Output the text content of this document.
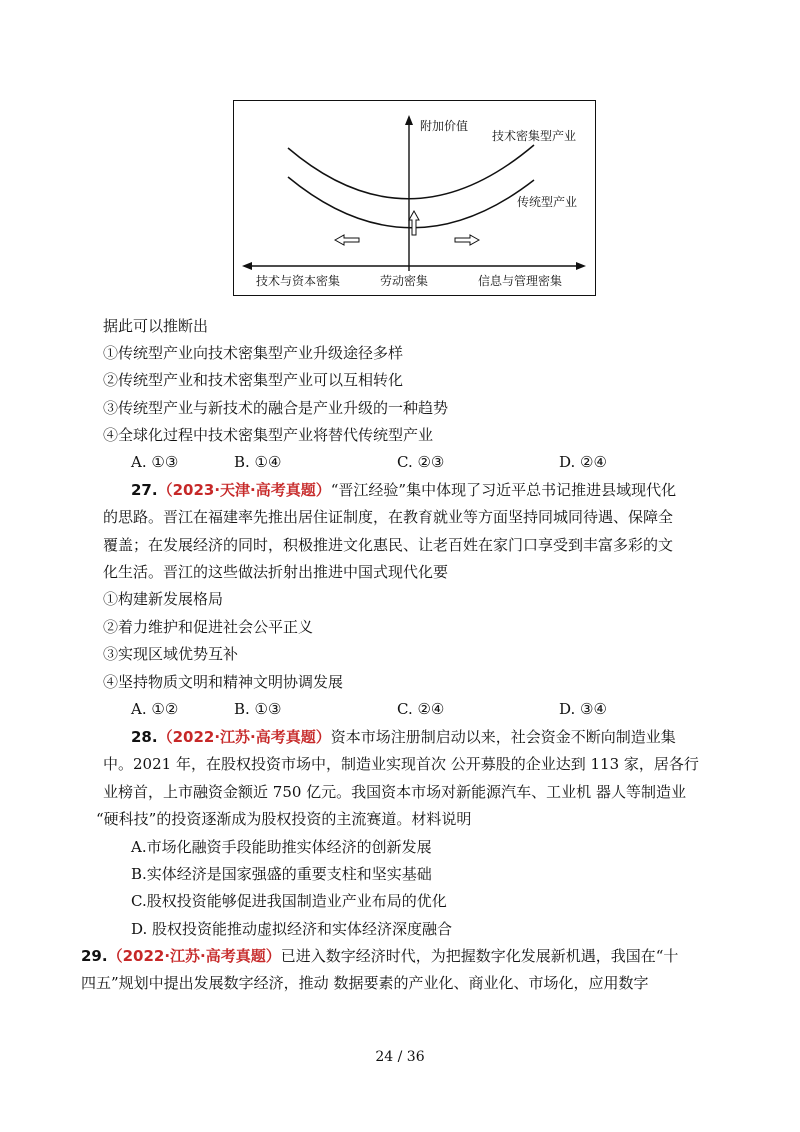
附加价值
技术密集型产业
传统型产业
技术与资本密集	劳动密集	信息与管理密集
据此可以推断出
①传统型产业向技术密集型产业升级途径多样
②传统型产业和技术密集型产业可以互相转化
③传统型产业与新技术的融合是产业升级的一种趋势
④全球化过程中技术密集型产业将替代传统型产业
A. ①③	B. ①④	C. ②③	D. ②④
27.（2023·天津·高考真题）“晋江经验”集中体现了习近平总书记推进县域现代化
的思路。晋江在福建率先推出居住证制度，在教育就业等方面坚持同城同待遇、保障全
覆盖；在发展经济的同时，积极推进文化惠民、让老百姓在家门口享受到丰富多彩的文
化生活。晋江的这些做法折射出推进中国式现代化要
①构建新发展格局
②着力维护和促进社会公平正义
③实现区域优势互补
④坚持物质文明和精神文明协调发展
A. ①②	B. ①③	C. ②④	D. ③④
28.（2022·江苏·高考真题）资本市场注册制启动以来，社会资金不断向制造业集
中。2021 年，在股权投资市场中，制造业实现首次 公开募股的企业达到 113 家，居各行
业榜首，上市融资金额近 750 亿元。我国资本市场对新能源汽车、工业机 器人等制造业
“硬科技”的投资逐渐成为股权投资的主流赛道。材料说明
A.市场化融资手段能助推实体经济的创新发展
B.实体经济是国家强盛的重要支柱和坚实基础
C.股权投资能够促进我国制造业产业布局的优化
D. 股权投资能推动虚拟经济和实体经济深度融合
29.（2022·江苏·高考真题）已进入数字经济时代，为把握数字化发展新机遇，我国在“十
四五”规划中提出发展数字经济，推动 数据要素的产业化、商业化、市场化，应用数字
24 / 36
